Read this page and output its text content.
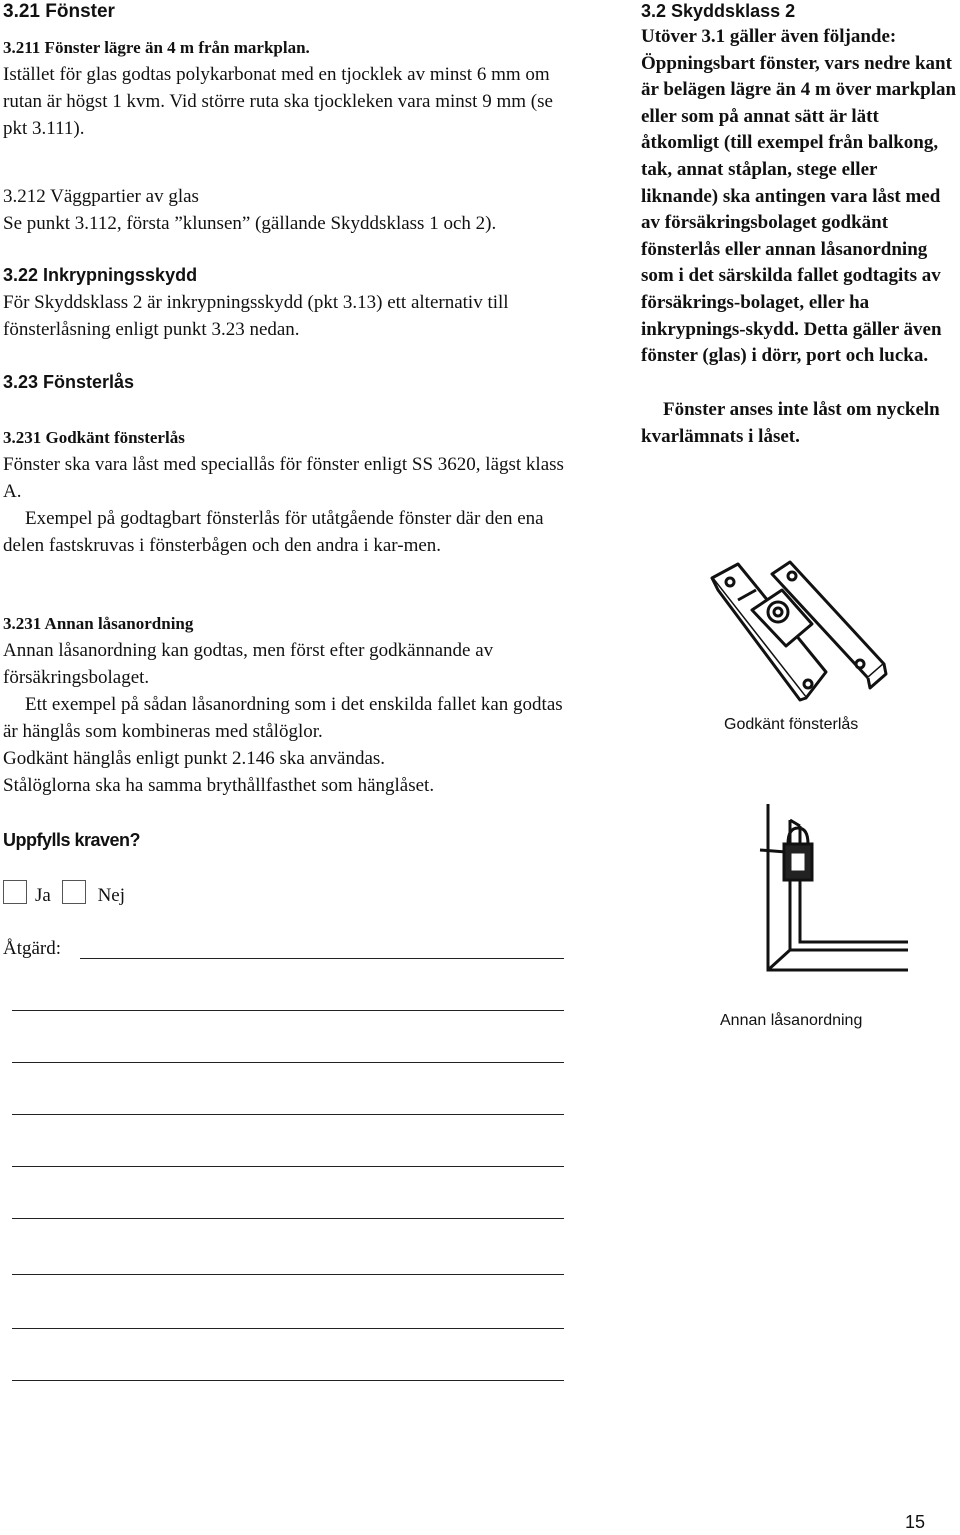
3.21 Fönster
3.211 Fönster lägre än 4 m från markplan.

Istället för glas godtas polykarbonat med en tjocklek av minst 6 mm om rutan är högst 1 kvm. Vid större ruta ska tjockleken vara minst 9 mm (se pkt 3.111).

3.212 Väggpartier av glas

Se punkt 3.112, första ”klunsen” (gällande Skyddsklass 1 och 2).

3.22 Inkrypningsskydd

För Skyddsklass 2 är inkrypningsskydd (pkt 3.13) ett alternativ till fönsterlåsning enligt punkt 3.23 nedan.

3.23 Fönsterlås
3.231 Godkänt fönsterlås

Fönster ska vara låst med speciallås för fönster enligt SS 3620, lägst klass A.

Exempel på godtagbart fönsterlås för utåtgående fönster där den ena delen fastskruvas i fönsterbågen och den andra i kar-men.

3.231 Annan låsanordning

Annan låsanordning kan godtas, men först efter godkännande av försäkringsbolaget.

Ett exempel på sådan låsanordning som i det enskilda fallet kan godtas är hänglås som kombineras med stålöglor.

Godkänt hänglås enligt punkt 2.146 ska användas.

Stålöglorna ska ha samma brythållfasthet som hänglåset.

Uppfylls kraven?
Ja Nej
Åtgärd:
3.2 Skyddsklass 2

Utöver 3.1 gäller även följande: Öppningsbart fönster, vars nedre kant är belägen lägre än 4 m över markplan eller som på annat sätt är lätt åtkomligt (till exempel från balkong, tak, annat ståplan, stege eller liknande) ska antingen vara låst med av försäkringsbolaget godkänt fönsterlås eller annan låsanordning som i det särskilda fallet godtagits av försäkrings-bolaget, eller ha inkrypnings-skydd. Detta gäller även fönster (glas) i dörr, port och lucka.

Fönster anses inte låst om nyckeln kvarlämnats i låset.

Godkänt fönsterlås
Annan låsanordning
15
